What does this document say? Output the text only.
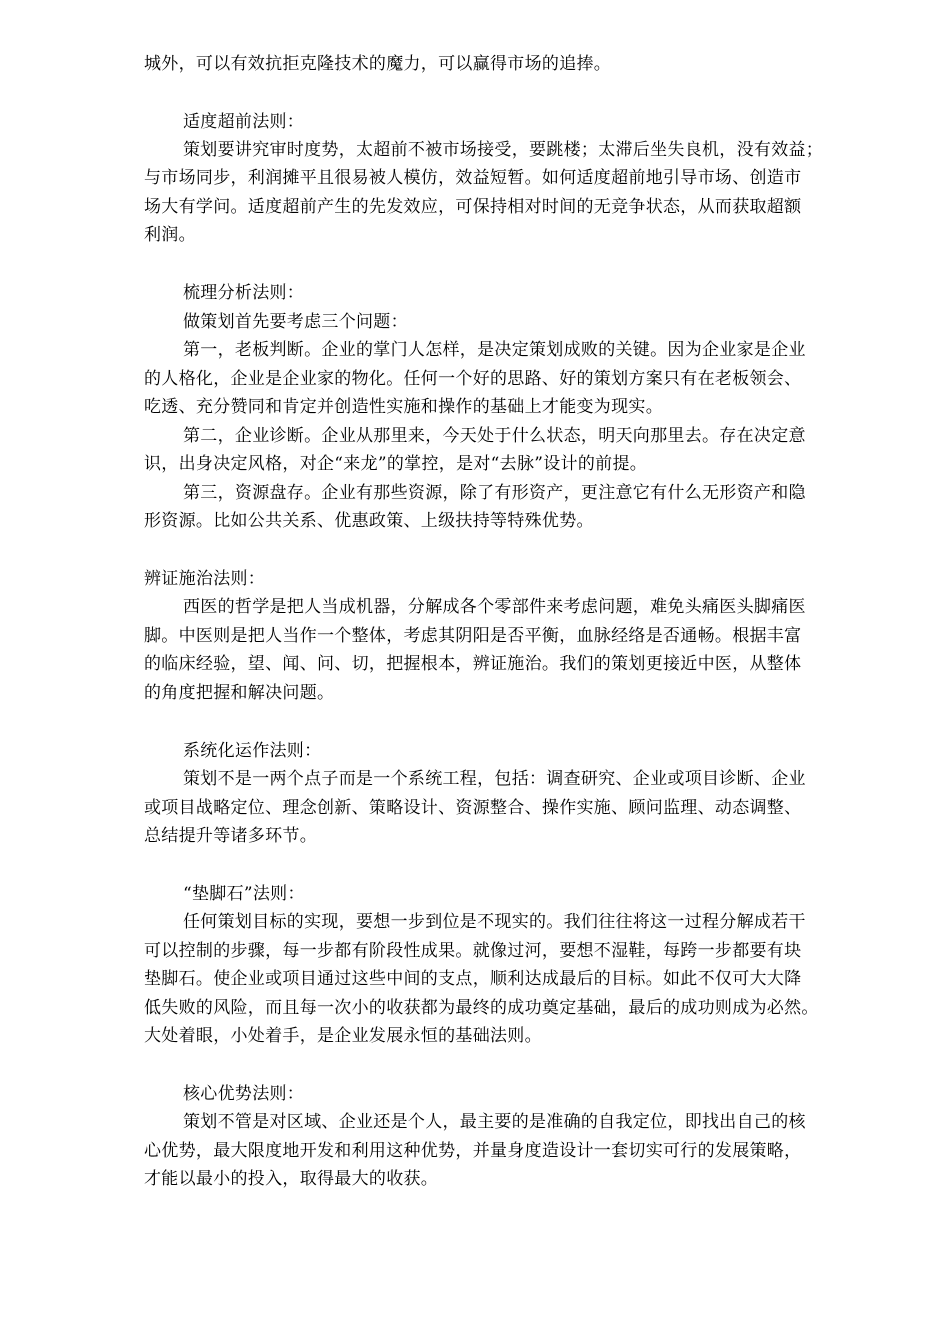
城外，可以有效抗拒克隆技术的魔力，可以赢得市场的追捧。
适度超前法则：
策划要讲究审时度势，太超前不被市场接受，要跳楼；太滞后坐失良机，没有效益；
与市场同步，利润摊平且很易被人模仿，效益短暂。如何适度超前地引导市场、创造市
场大有学问。适度超前产生的先发效应，可保持相对时间的无竞争状态，从而获取超额
利润。
梳理分析法则：
做策划首先要考虑三个问题：
第一，老板判断。企业的掌门人怎样，是决定策划成败的关键。因为企业家是企业
的人格化，企业是企业家的物化。任何一个好的思路、好的策划方案只有在老板领会、
吃透、充分赞同和肯定并创造性实施和操作的基础上才能变为现实。
第二，企业诊断。企业从那里来，今天处于什么状态，明天向那里去。存在决定意
识，出身决定风格，对企“来龙”的掌控，是对“去脉”设计的前提。
第三，资源盘存。企业有那些资源，除了有形资产，更注意它有什么无形资产和隐
形资源。比如公共关系、优惠政策、上级扶持等特殊优势。
辨证施治法则：
西医的哲学是把人当成机器，分解成各个零部件来考虑问题，难免头痛医头脚痛医
脚。中医则是把人当作一个整体，考虑其阴阳是否平衡，血脉经络是否通畅。根据丰富
的临床经验，望、闻、问、切，把握根本，辨证施治。我们的策划更接近中医，从整体
的角度把握和解决问题。
系统化运作法则：
策划不是一两个点子而是一个系统工程，包括：调查研究、企业或项目诊断、企业
或项目战略定位、理念创新、策略设计、资源整合、操作实施、顾问监理、动态调整、
总结提升等诸多环节。
“垫脚石”法则：
任何策划目标的实现，要想一步到位是不现实的。我们往往将这一过程分解成若干
可以控制的步骤，每一步都有阶段性成果。就像过河，要想不湿鞋，每跨一步都要有块
垫脚石。使企业或项目通过这些中间的支点，顺利达成最后的目标。如此不仅可大大降
低失败的风险，而且每一次小的收获都为最终的成功奠定基础，最后的成功则成为必然。
大处着眼，小处着手，是企业发展永恒的基础法则。
核心优势法则：
策划不管是对区域、企业还是个人，最主要的是准确的自我定位，即找出自己的核
心优势，最大限度地开发和利用这种优势，并量身度造设计一套切实可行的发展策略，
才能以最小的投入，取得最大的收获。
